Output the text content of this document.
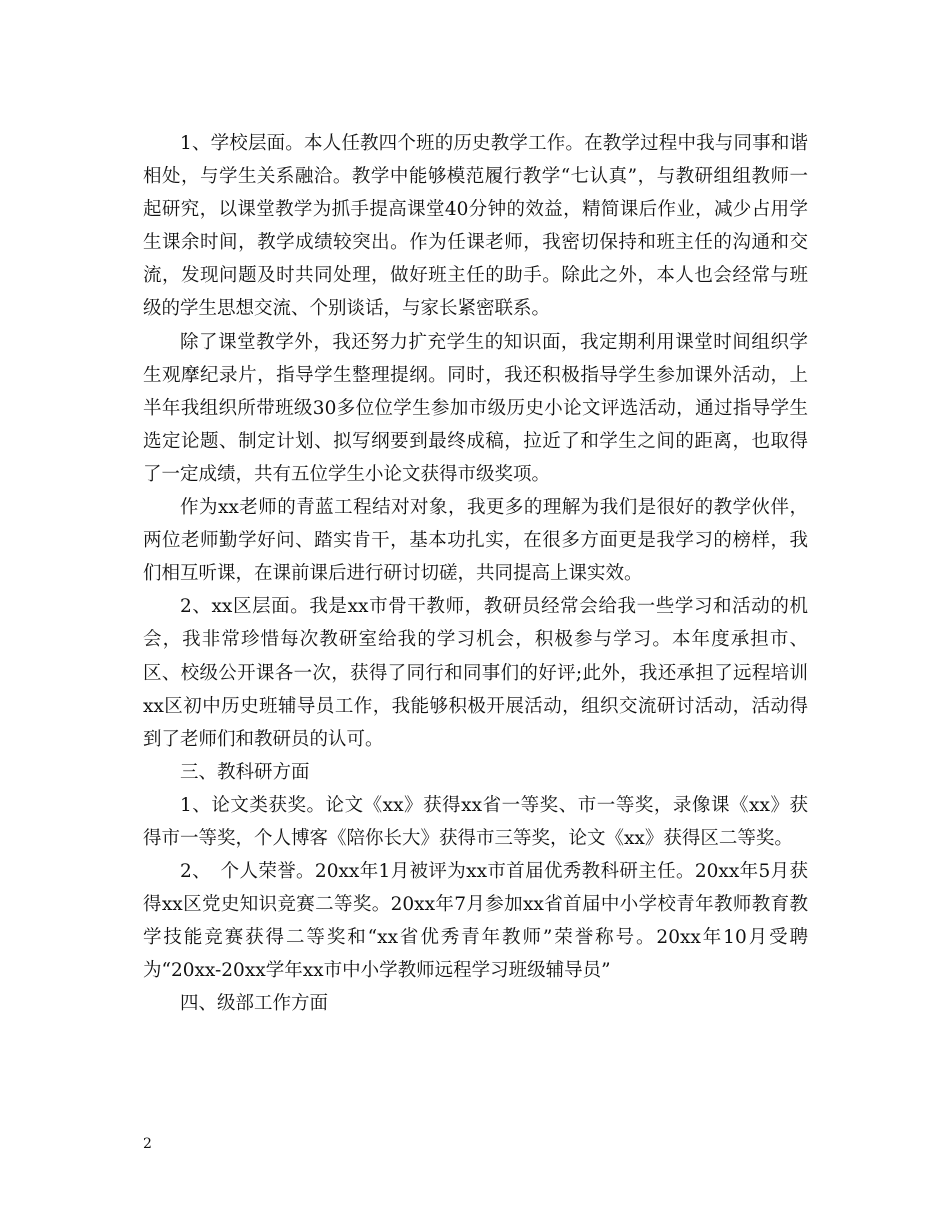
1、学校层面。本人任教四个班的历史教学工作。在教学过程中我与同事和谐相处，与学生关系融洽。教学中能够模范履行教学“七认真”，与教研组组教师一起研究，以课堂教学为抓手提高课堂40分钟的效益，精简课后作业，减少占用学生课余时间，教学成绩较突出。作为任课老师，我密切保持和班主任的沟通和交流，发现问题及时共同处理，做好班主任的助手。除此之外，本人也会经常与班级的学生思想交流、个别谈话，与家长紧密联系。

除了课堂教学外，我还努力扩充学生的知识面，我定期利用课堂时间组织学生观摩纪录片，指导学生整理提纲。同时，我还积极指导学生参加课外活动，上半年我组织所带班级30多位位学生参加市级历史小论文评选活动，通过指导学生选定论题、制定计划、拟写纲要到最终成稿，拉近了和学生之间的距离，也取得了一定成绩，共有五位学生小论文获得市级奖项。

作为xx老师的青蓝工程结对对象，我更多的理解为我们是很好的教学伙伴，两位老师勤学好问、踏实肯干，基本功扎实，在很多方面更是我学习的榜样，我们相互听课，在课前课后进行研讨切磋，共同提高上课实效。

2、xx区层面。我是xx市骨干教师，教研员经常会给我一些学习和活动的机会，我非常珍惜每次教研室给我的学习机会，积极参与学习。本年度承担市、区、校级公开课各一次，获得了同行和同事们的好评;此外，我还承担了远程培训xx区初中历史班辅导员工作，我能够积极开展活动，组织交流研讨活动，活动得到了老师们和教研员的认可。

三、教科研方面

1、论文类获奖。论文《xx》获得xx省一等奖、市一等奖，录像课《xx》获得市一等奖，个人博客《陪你长大》获得市三等奖，论文《xx》获得区二等奖。

2、　个人荣誉。20xx年1月被评为xx市首届优秀教科研主任。20xx年5月获得xx区党史知识竞赛二等奖。20xx年7月参加xx省首届中小学校青年教师教育教学技能竞赛获得二等奖和“xx省优秀青年教师”荣誉称号。20xx年10月受聘为“20xx-20xx学年xx市中小学教师远程学习班级辅导员”

四、级部工作方面

2
